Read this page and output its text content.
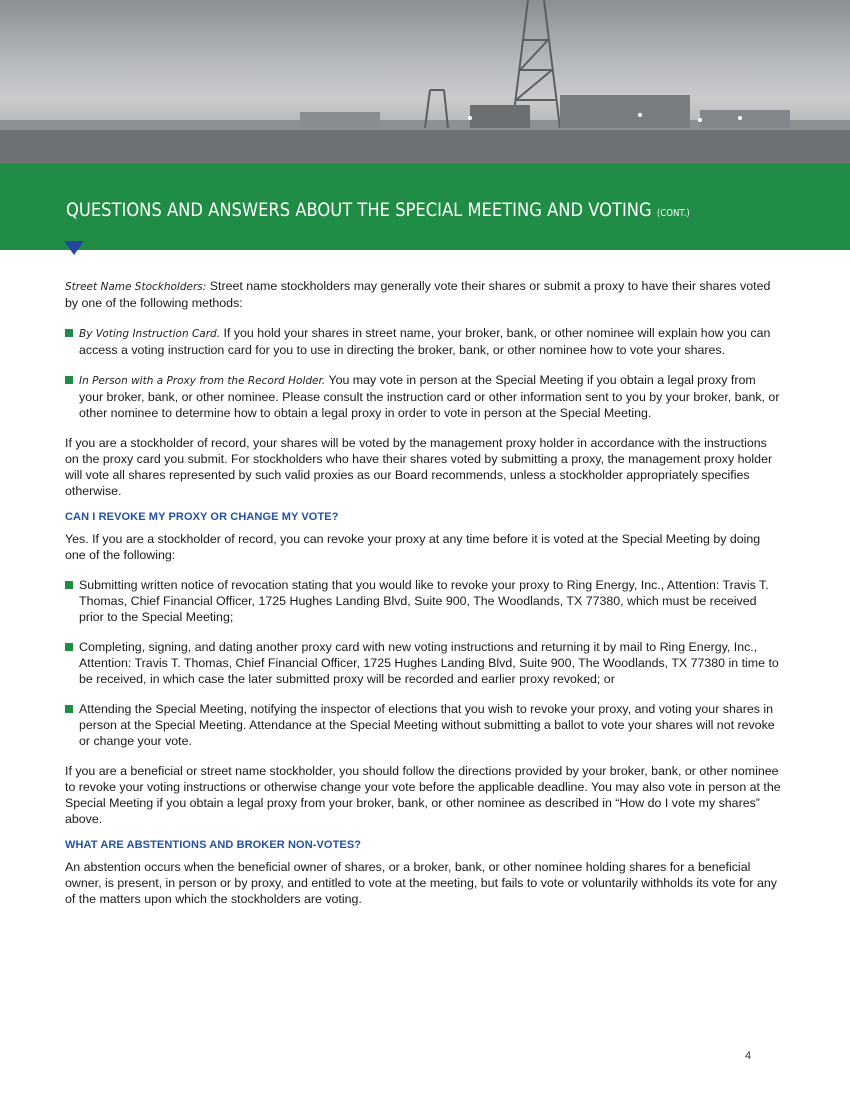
QUESTIONS AND ANSWERS ABOUT THE SPECIAL MEETING AND VOTING (CONT.)

Street Name Stockholders: Street name stockholders may generally vote their shares or submit a proxy to have their shares voted by one of the following methods:

By Voting Instruction Card. If you hold your shares in street name, your broker, bank, or other nominee will explain how you can access a voting instruction card for you to use in directing the broker, bank, or other nominee how to vote your shares.
In Person with a Proxy from the Record Holder. You may vote in person at the Special Meeting if you obtain a legal proxy from your broker, bank, or other nominee. Please consult the instruction card or other information sent to you by your broker, bank, or other nominee to determine how to obtain a legal proxy in order to vote in person at the Special Meeting.

If you are a stockholder of record, your shares will be voted by the management proxy holder in accordance with the instructions on the proxy card you submit. For stockholders who have their shares voted by submitting a proxy, the management proxy holder will vote all shares represented by such valid proxies as our Board recommends, unless a stockholder appropriately specifies otherwise.

CAN I REVOKE MY PROXY OR CHANGE MY VOTE?

Yes. If you are a stockholder of record, you can revoke your proxy at any time before it is voted at the Special Meeting by doing one of the following:

Submitting written notice of revocation stating that you would like to revoke your proxy to Ring Energy, Inc., Attention: Travis T. Thomas, Chief Financial Officer, 1725 Hughes Landing Blvd, Suite 900, The Woodlands, TX 77380, which must be received prior to the Special Meeting;
Completing, signing, and dating another proxy card with new voting instructions and returning it by mail to Ring Energy, Inc., Attention: Travis T. Thomas, Chief Financial Officer, 1725 Hughes Landing Blvd, Suite 900, The Woodlands, TX 77380 in time to be received, in which case the later submitted proxy will be recorded and earlier proxy revoked; or
Attending the Special Meeting, notifying the inspector of elections that you wish to revoke your proxy, and voting your shares in person at the Special Meeting. Attendance at the Special Meeting without submitting a ballot to vote your shares will not revoke or change your vote.

If you are a beneficial or street name stockholder, you should follow the directions provided by your broker, bank, or other nominee to revoke your voting instructions or otherwise change your vote before the applicable deadline. You may also vote in person at the Special Meeting if you obtain a legal proxy from your broker, bank, or other nominee as described in “How do I vote my shares” above.

WHAT ARE ABSTENTIONS AND BROKER NON-VOTES?

An abstention occurs when the beneficial owner of shares, or a broker, bank, or other nominee holding shares for a beneficial owner, is present, in person or by proxy, and entitled to vote at the meeting, but fails to vote or voluntarily withholds its vote for any of the matters upon which the stockholders are voting.

4
